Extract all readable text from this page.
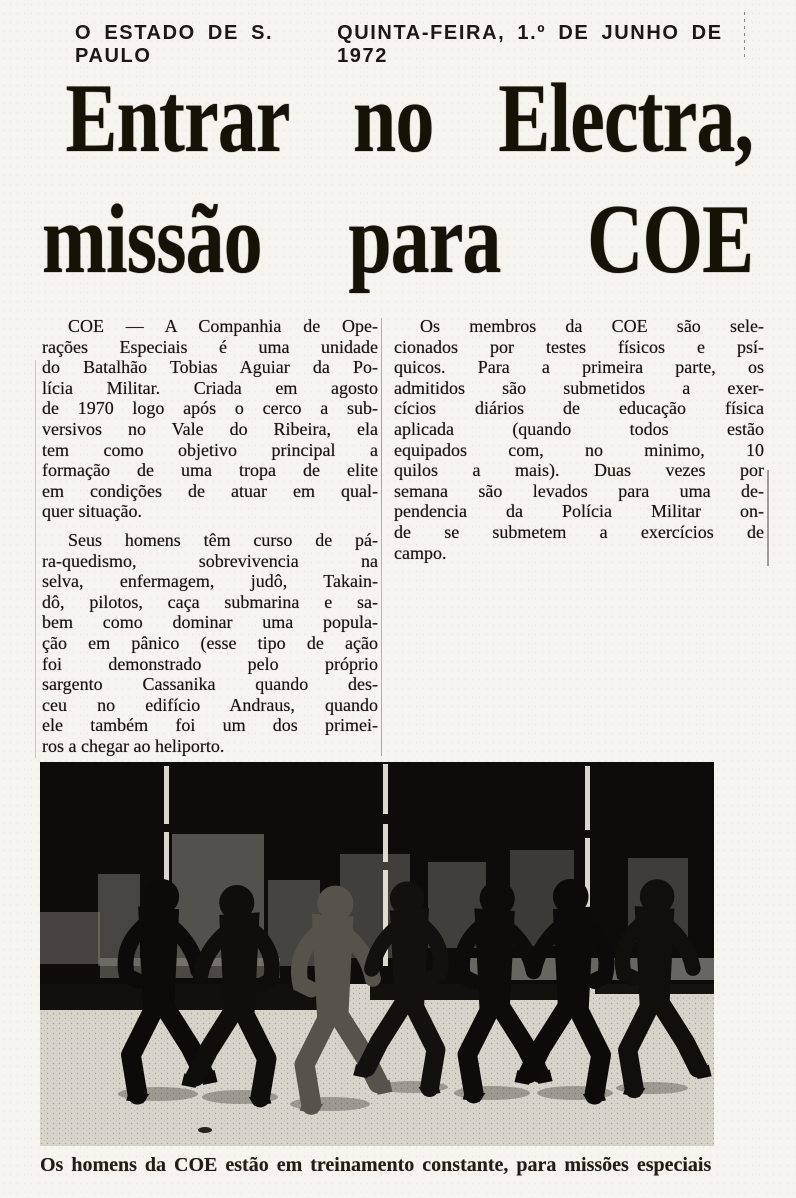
O ESTADO DE S. PAULO
QUINTA-FEIRA, 1.º DE JUNHO DE 1972
Entrar no Electra,
missão para COE
COE — A Companhia de Ope-
rações Especiais é uma unidade
do Batalhão Tobias Aguiar da Po-
lícia Militar. Criada em agosto
de 1970 logo após o cerco a sub-
versivos no Vale do Ribeira, ela
tem como objetivo principal a
formação de uma tropa de elite
em condições de atuar em qual-
quer situação.
Seus homens têm curso de pá-
ra-quedismo, sobrevivencia na
selva, enfermagem, judô, Takain-
dô, pilotos, caça submarina e sa-
bem como dominar uma popula-
ção em pânico (esse tipo de ação
foi demonstrado pelo próprio
sargento Cassanika quando des-
ceu no edifício Andraus, quando
ele também foi um dos primei-
ros a chegar ao heliporto.
Os membros da COE são sele-
cionados por testes físicos e psí-
quicos. Para a primeira parte, os
admitidos são submetidos a exer-
cícios diários de educação física
aplicada (quando todos estão
equipados com, no minimo, 10
quilos a mais). Duas vezes por
semana são levados para uma de-
pendencia da Polícia Militar on-
de se submetem a exercícios de
campo.
Os homens da COE estão em treinamento constante, para missões especiais
